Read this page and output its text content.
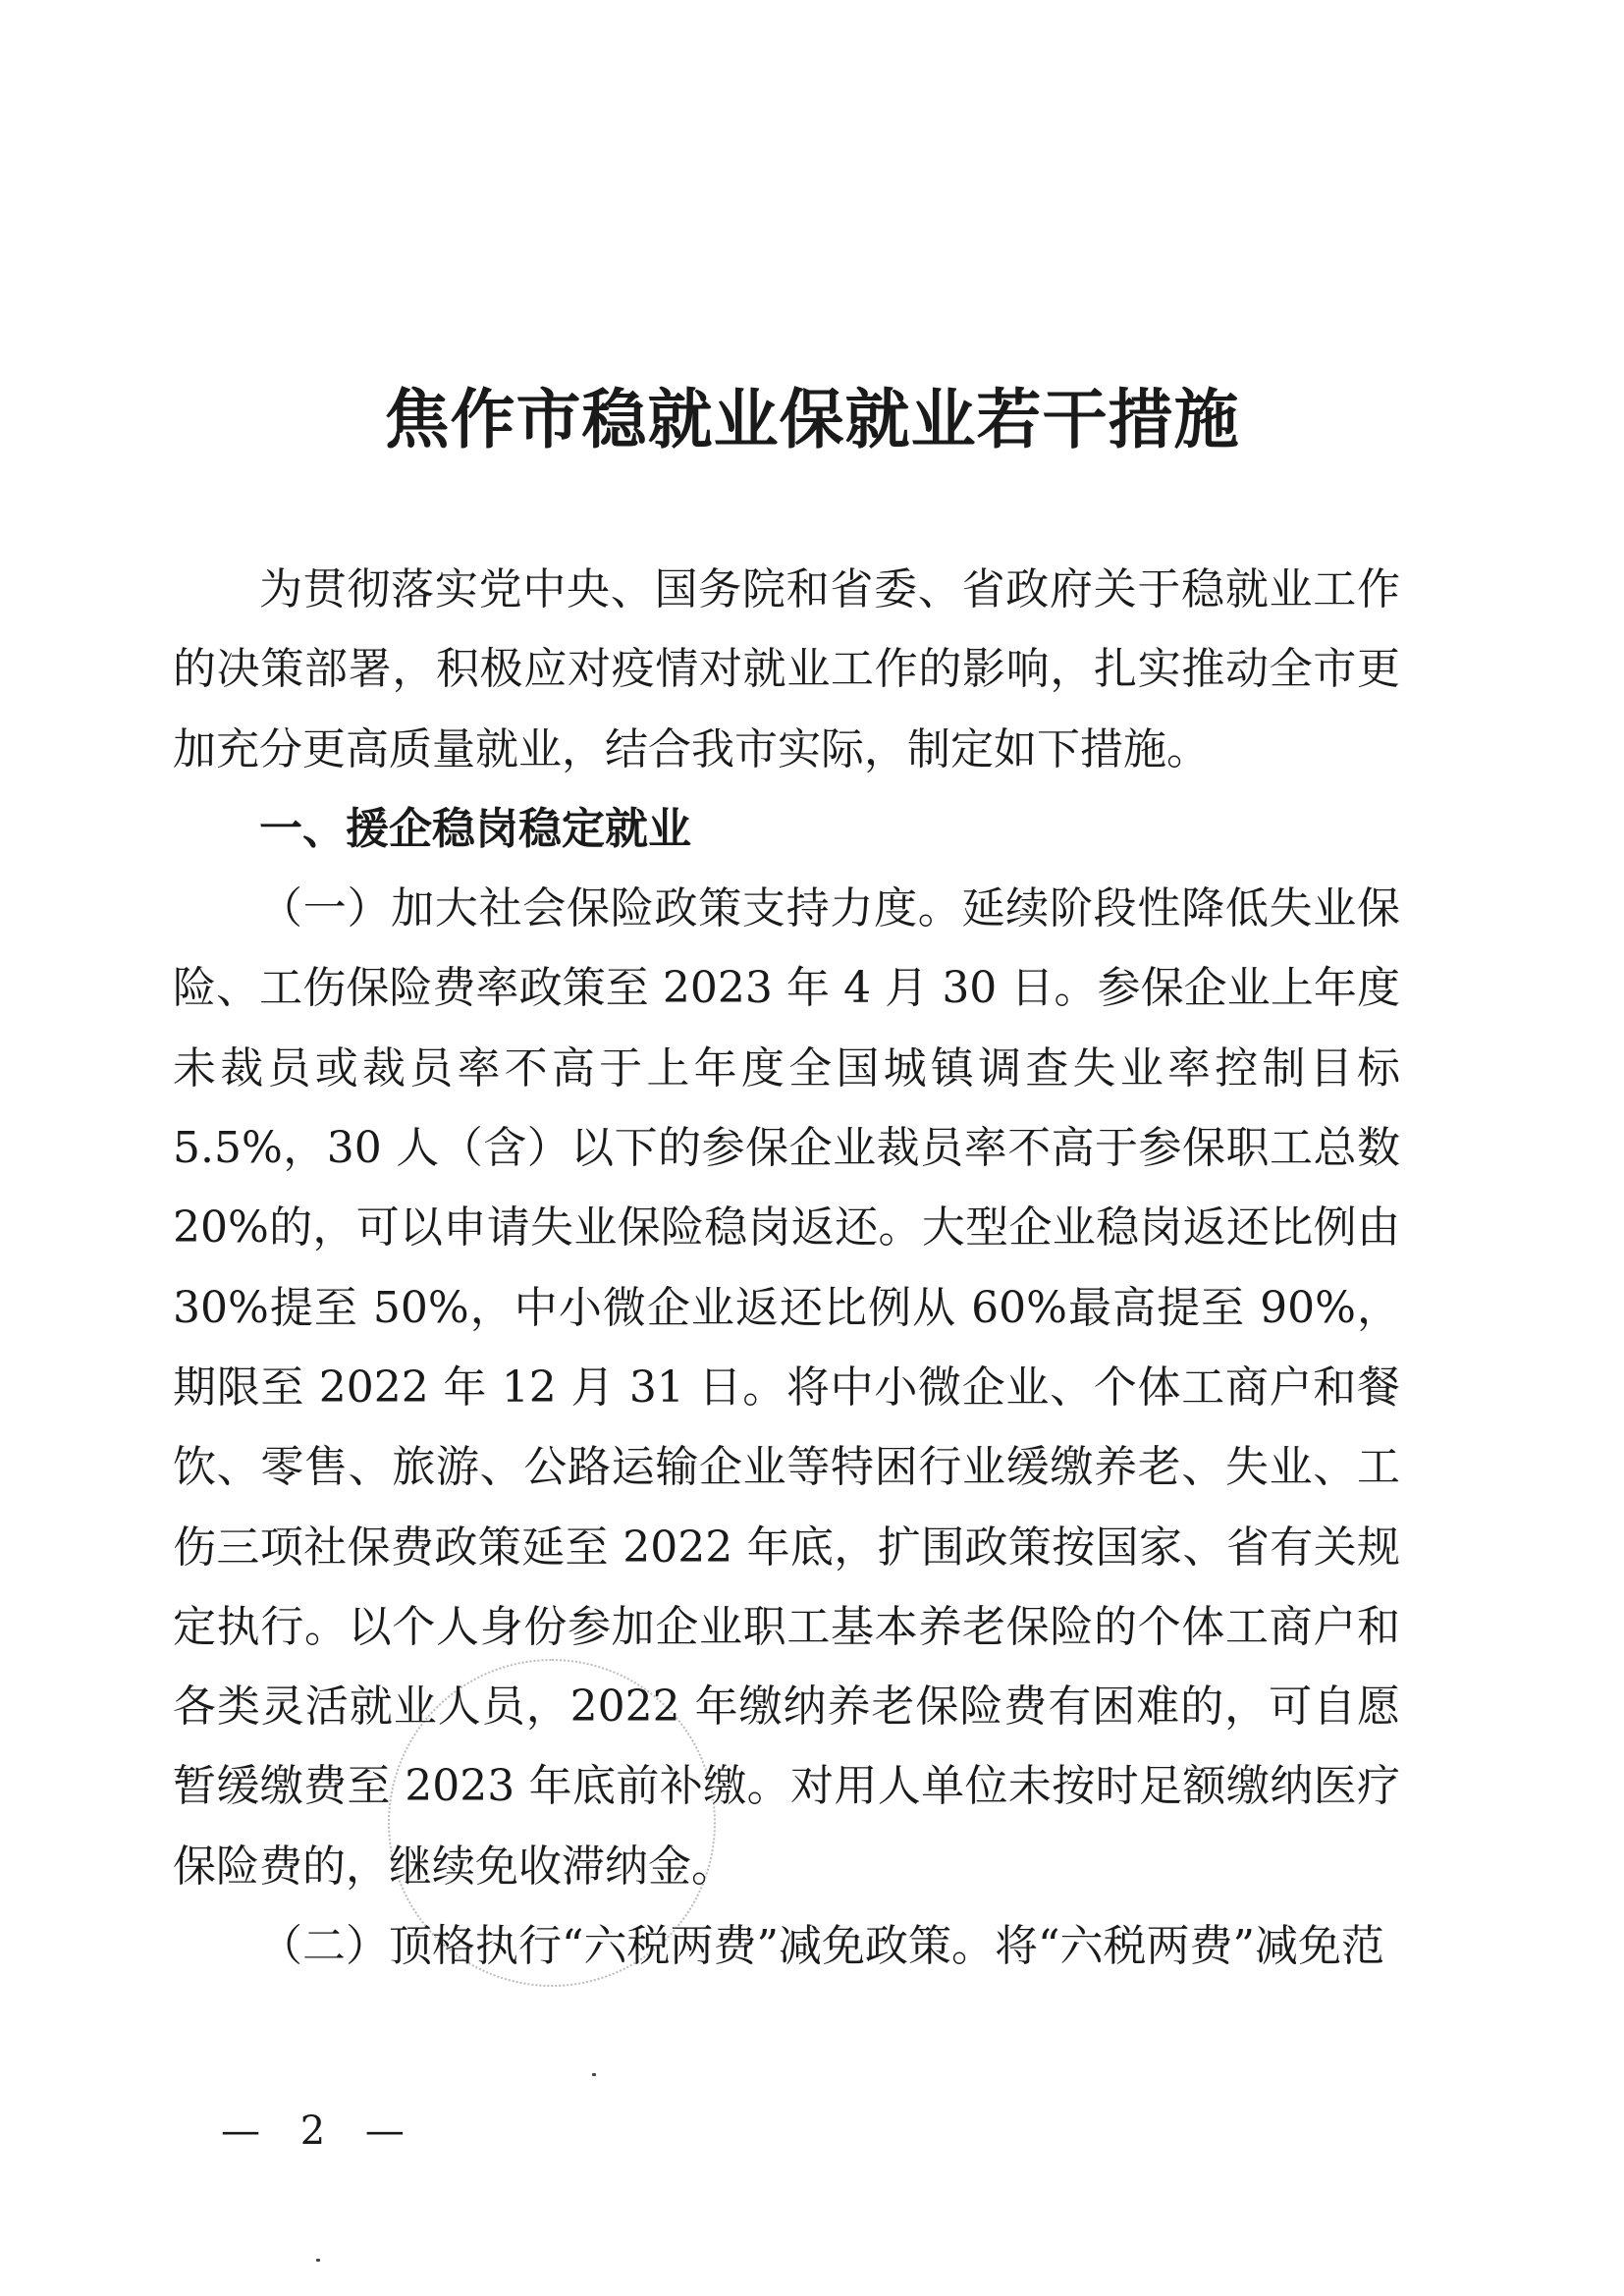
焦作市稳就业保就业若干措施

为贯彻落实党中央、国务院和省委、省政府关于稳就业工作的决策部署，积极应对疫情对就业工作的影响，扎实推动全市更加充分更高质量就业，结合我市实际，制定如下措施。

一、援企稳岗稳定就业

（一）加大社会保险政策支持力度。延续阶段性降低失业保险、工伤保险费率政策至 2023 年 4 月 30 日。参保企业上年度未裁员或裁员率不高于上年度全国城镇调查失业率控制目标 5.5%，30 人（含）以下的参保企业裁员率不高于参保职工总数 20%的，可以申请失业保险稳岗返还。大型企业稳岗返还比例由 30%提至 50%，中小微企业返还比例从 60%最高提至 90%，期限至 2022 年 12 月 31 日。将中小微企业、个体工商户和餐饮、零售、旅游、公路运输企业等特困行业缓缴养老、失业、工伤三项社保费政策延至 2022 年底，扩围政策按国家、省有关规定执行。以个人身份参加企业职工基本养老保险的个体工商户和各类灵活就业人员，2022 年缴纳养老保险费有困难的，可自愿暂缓缴费至 2023 年底前补缴。对用人单位未按时足额缴纳医疗保险费的，继续免收滞纳金。

（二）顶格执行“六税两费”减免政策。将“六税两费”减免范

— 2 —
